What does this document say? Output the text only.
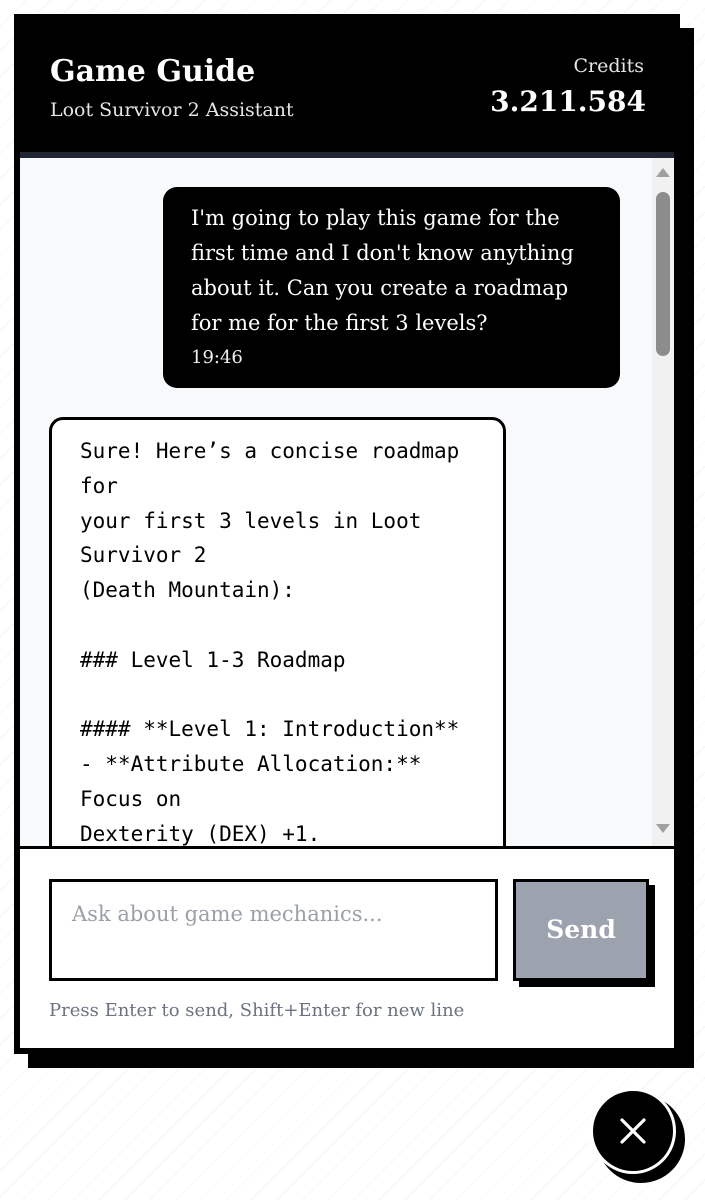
Game Guide
Loot Survivor 2 Assistant
Credits
3.211.584
I'm going to play this game for the
first time and I don't know anything
about it. Can you create a roadmap
for me for the first 3 levels?
19:46
Sure! Here’s a concise roadmap for
your first 3 levels in Loot Survivor 2
(Death Mountain):

### Level 1-3 Roadmap

#### **Level 1: Introduction**
- **Attribute Allocation:** Focus on
Dexterity (DEX) +1.

Ask about game mechanics...
Send
Press Enter to send, Shift+Enter for new line
